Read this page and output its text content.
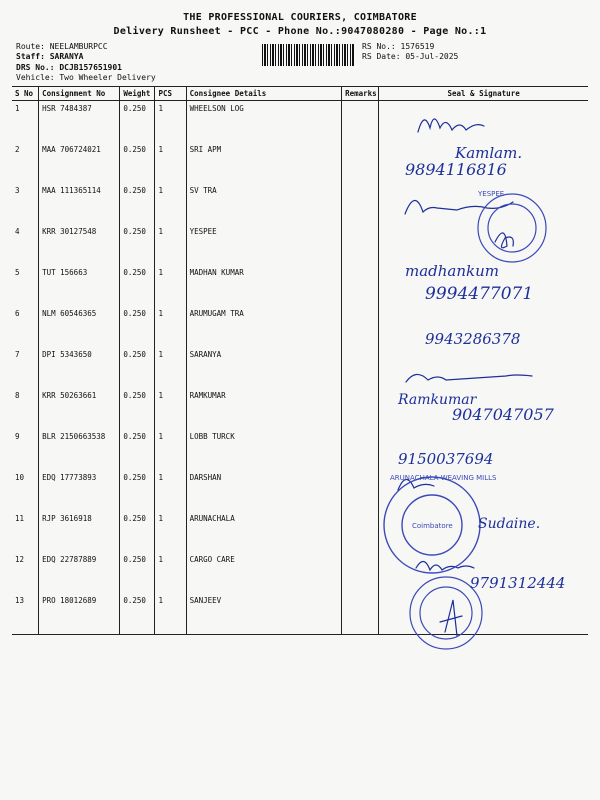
THE PROFESSIONAL COURIERS, COIMBATORE
Delivery Runsheet - PCC - Phone No.:9047080280 - Page No.:1
Route: NEELAMBURPCC
Staff: SARANYA
DRS No.: DCJB157651901
Vehicle: Two Wheeler Delivery
RS No.: 1576519
RS Date: 05-Jul-2025
S No	Consignment No	Weight	PCS	Consignee Details	Remarks	Seal & Signature
1	HSR 7484387	0.250	1	WHEELSON LOG		
2	MAA 706724021	0.250	1	SRI APM		
3	MAA 111365114	0.250	1	SV TRA		
4	KRR 30127548	0.250	1	YESPEE		
5	TUT 156663	0.250	1	MADHAN KUMAR		
6	NLM 60546365	0.250	1	ARUMUGAM TRA		
7	DPI 5343650	0.250	1	SARANYA		
8	KRR 50263661	0.250	1	RAMKUMAR		
9	BLR 2150663538	0.250	1	LOBB TURCK		
10	EDQ 17773893	0.250	1	DARSHAN		
11	RJP 3616918	0.250	1	ARUNACHALA		
12	EDQ 22787889	0.250	1	CARGO CARE		
13	PRO 18012689	0.250	1	SANJEEV		
YESPEE
ARUNACHALA WEAVING MILLS
Coimbatore
Kamlam.
9894116816
madhankum
9994477071
9943286378
Ramkumar
9047047057
9150037694
Sudaine.
9791312444
